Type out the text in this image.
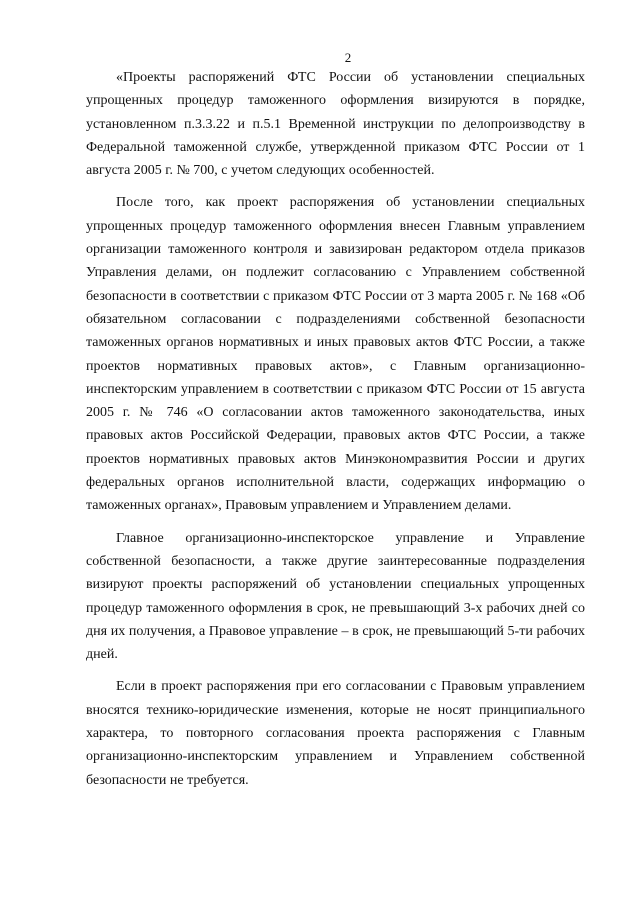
2

«Проекты распоряжений ФТС России об установлении специальных упрощенных процедур таможенного оформления визируются в порядке, установленном п.3.3.22 и п.5.1 Временной инструкции по делопроизводству в Федеральной таможенной службе, утвержденной приказом ФТС России от 1 августа 2005 г. № 700, с учетом следующих особенностей.

После того, как проект распоряжения об установлении специальных упрощенных процедур таможенного оформления внесен Главным управлением организации таможенного контроля и завизирован редактором отдела приказов Управления делами, он подлежит согласованию с Управлением собственной безопасности в соответствии с приказом ФТС России от 3 марта 2005 г. № 168 «Об обязательном согласовании с подразделениями собственной безопасности таможенных органов нормативных и иных правовых актов ФТС России, а также проектов нормативных правовых актов», с Главным организационно-инспекторским управлением в соответствии с приказом ФТС России от 15 августа 2005 г. № 746 «О согласовании актов таможенного законодательства, иных правовых актов Российской Федерации, правовых актов ФТС России, а также проектов нормативных правовых актов Минэкономразвития России и других федеральных органов исполнительной власти, содержащих информацию о таможенных органах», Правовым управлением и Управлением делами.

Главное организационно-инспекторское управление и Управление собственной безопасности, а также другие заинтересованные подразделения визируют проекты распоряжений об установлении специальных упрощенных процедур таможенного оформления в срок, не превышающий 3-х рабочих дней со дня их получения, а Правовое управление – в срок, не превышающий 5-ти рабочих дней.

Если в проект распоряжения при его согласовании с Правовым управлением вносятся технико-юридические изменения, которые не носят принципиального характера, то повторного согласования проекта распоряжения с Главным организационно-инспекторским управлением и Управлением собственной безопасности не требуется.
